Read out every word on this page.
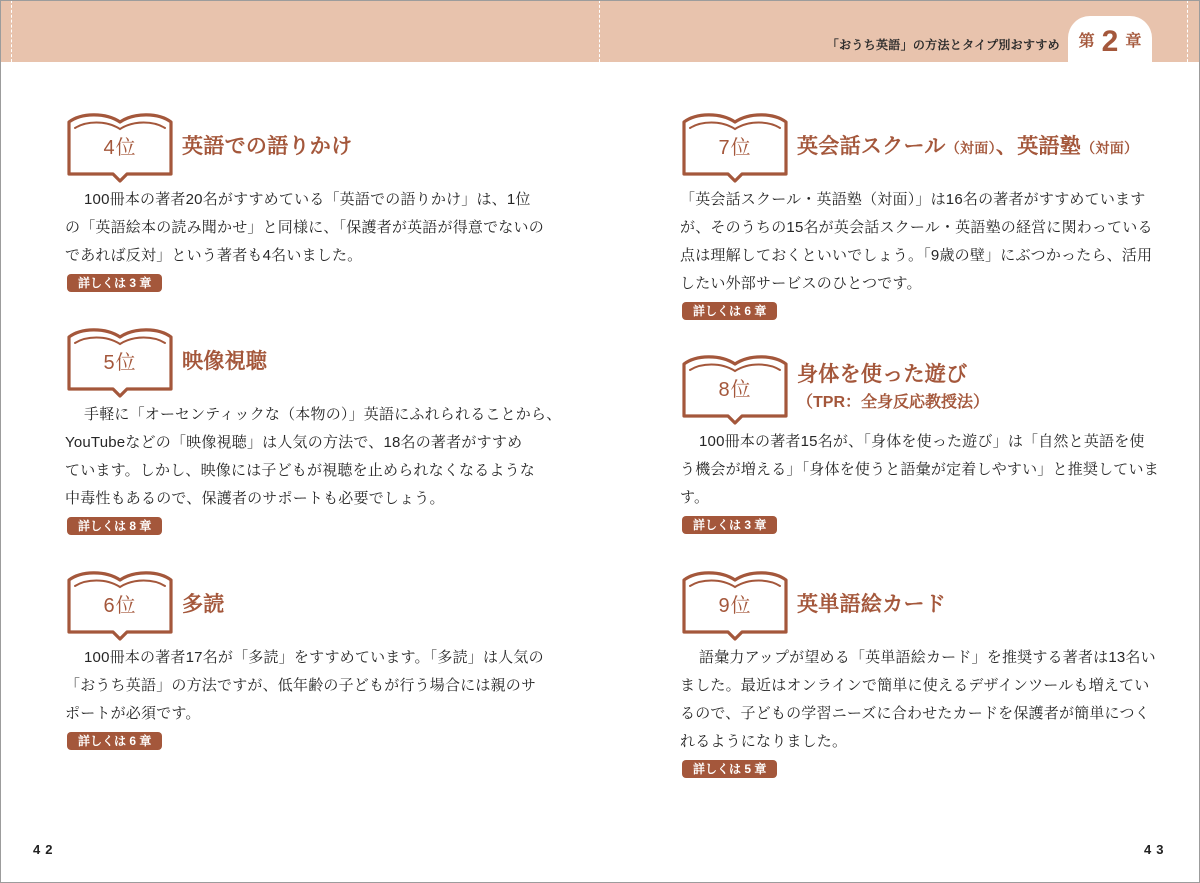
「おうち英語」の方法とタイプ別おすすめ 第 2 章
4位	英語での語りかけ

100冊本の著者20名がすすめている「英語での語りかけ」は、1位

の「英語絵本の読み聞かせ」と同様に、「保護者が英語が得意でないの

であれば反対」という著者も4名いました。

詳しくは 3 章
5位	映像視聴

手軽に「オーセンティックな（本物の）」英語にふれられることから、

YouTubeなどの「映像視聴」は人気の方法で、18名の著者がすすめ

ています。しかし、映像には子どもが視聴を止められなくなるような

中毒性もあるので、保護者のサポートも必要でしょう。

詳しくは 8 章
6位	多読

100冊本の著者17名が「多読」をすすめています。「多読」は人気の

「おうち英語」の方法ですが、低年齢の子どもが行う場合には親のサ

ポートが必須です。

詳しくは 6 章
7位	英会話スクール（対面）、英語塾（対面）

「英会話スクール・英語塾（対面）」は16名の著者がすすめています

が、そのうちの15名が英会話スクール・英語塾の経営に関わっている

点は理解しておくといいでしょう。「9歳の壁」にぶつかったら、活用

したい外部サービスのひとつです。

詳しくは 6 章
8位
身体を使った遊び

（TPR：全身反応教授法）

100冊本の著者15名が、「身体を使った遊び」は「自然と英語を使

う機会が増える」「身体を使うと語彙が定着しやすい」と推奨していま

す。

詳しくは 3 章
9位	英単語絵カード

語彙力アップが望める「英単語絵カード」を推奨する著者は13名い

ました。最近はオンラインで簡単に使えるデザインツールも増えてい

るので、子どもの学習ニーズに合わせたカードを保護者が簡単につく

れるようになりました。

詳しくは 5 章
42	43
